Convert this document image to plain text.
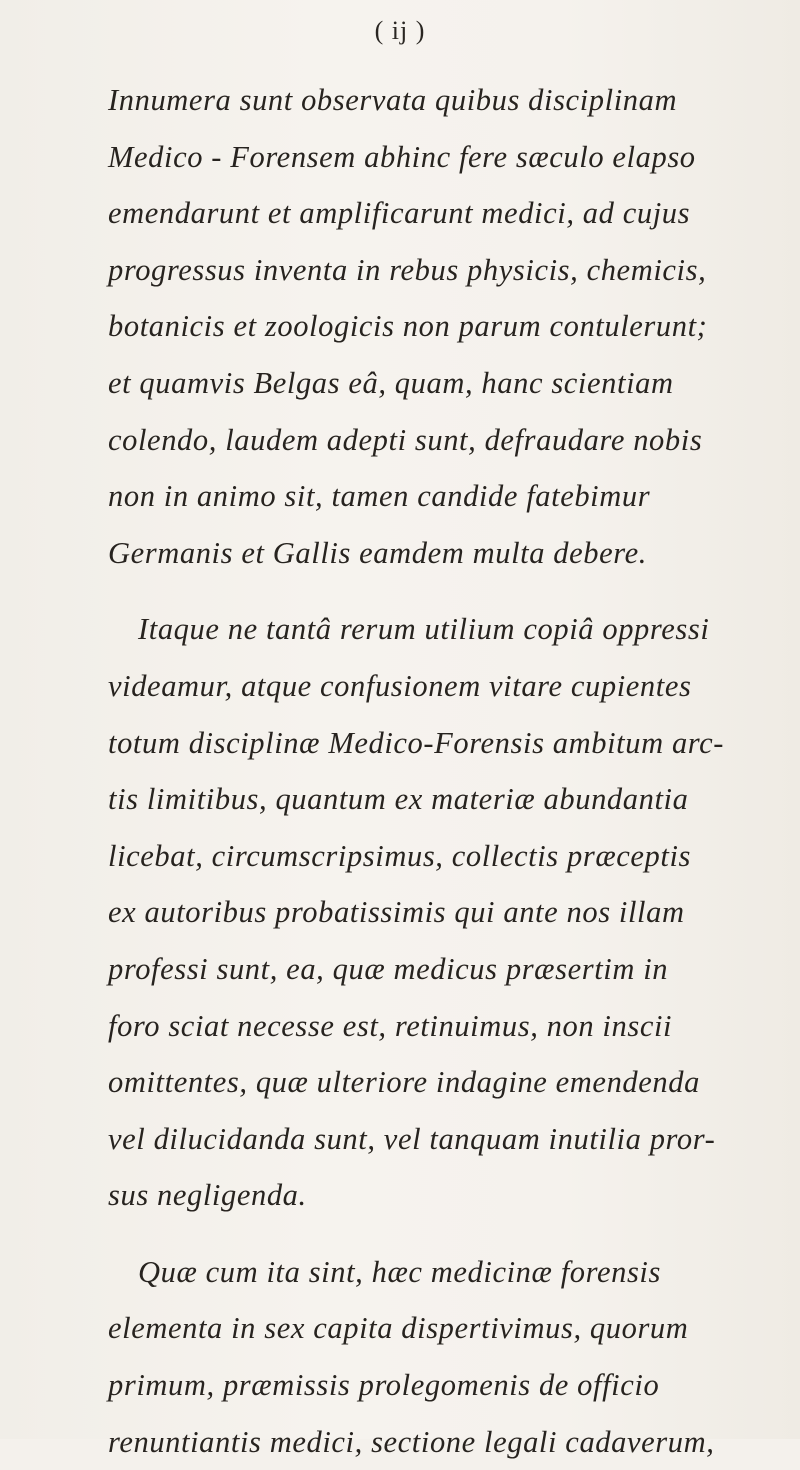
( ij )
Innumera sunt observata quibus disciplinam
Medico - Forensem abhinc fere sæculo elapso
emendarunt et amplificarunt medici, ad cujus
progressus inventa in rebus physicis, chemicis,
botanicis et zoologicis non parum contulerunt;
et quamvis Belgas eâ, quam, hanc scientiam
colendo, laudem adepti sunt, defraudare nobis
non in animo sit, tamen candide fatebimur
Germanis et Gallis eamdem multa debere.
Itaque ne tantâ rerum utilium copiâ oppressi
videamur, atque confusionem vitare cupientes
totum disciplinæ Medico-Forensis ambitum arc-
tis limitibus, quantum ex materiæ abundantia
licebat, circumscripsimus, collectis præceptis
ex autoribus probatissimis qui ante nos illam
professi sunt, ea, quæ medicus præsertim in
foro sciat necesse est, retinuimus, non inscii
omittentes, quæ ulteriore indagine emendenda
vel dilucidanda sunt, vel tanquam inutilia pror-
sus negligenda.
Quæ cum ita sint, hæc medicinæ forensis
elementa in sex capita dispertivimus, quorum
primum, præmissis prolegomenis de officio
renuntiantis medici, sectione legali cadaverum,
